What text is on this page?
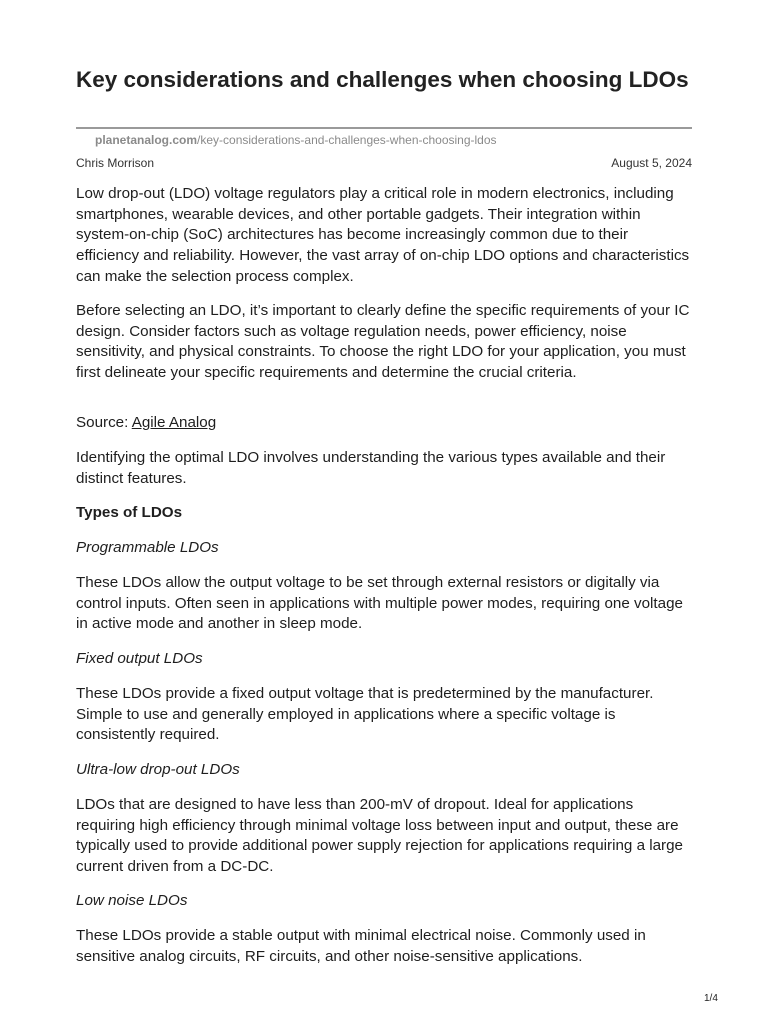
Key considerations and challenges when choosing LDOs
planetanalog.com/key-considerations-and-challenges-when-choosing-ldos
Chris Morrison	August 5, 2024

Low drop-out (LDO) voltage regulators play a critical role in modern electronics, including smartphones, wearable devices, and other portable gadgets. Their integration within system-on-chip (SoC) architectures has become increasingly common due to their efficiency and reliability. However, the vast array of on-chip LDO options and characteristics can make the selection process complex.

Before selecting an LDO, it’s important to clearly define the specific requirements of your IC design. Consider factors such as voltage regulation needs, power efficiency, noise sensitivity, and physical constraints. To choose the right LDO for your application, you must first delineate your specific requirements and determine the crucial criteria.

Source: Agile Analog

Identifying the optimal LDO involves understanding the various types available and their distinct features.

Types of LDOs

Programmable LDOs

These LDOs allow the output voltage to be set through external resistors or digitally via control inputs. Often seen in applications with multiple power modes, requiring one voltage in active mode and another in sleep mode.

Fixed output LDOs

These LDOs provide a fixed output voltage that is predetermined by the manufacturer. Simple to use and generally employed in applications where a specific voltage is consistently required.

Ultra-low drop-out LDOs

LDOs that are designed to have less than 200-mV of dropout. Ideal for applications requiring high efficiency through minimal voltage loss between input and output, these are typically used to provide additional power supply rejection for applications requiring a large current driven from a DC-DC.

Low noise LDOs

These LDOs provide a stable output with minimal electrical noise. Commonly used in sensitive analog circuits, RF circuits, and other noise-sensitive applications.

1/4
